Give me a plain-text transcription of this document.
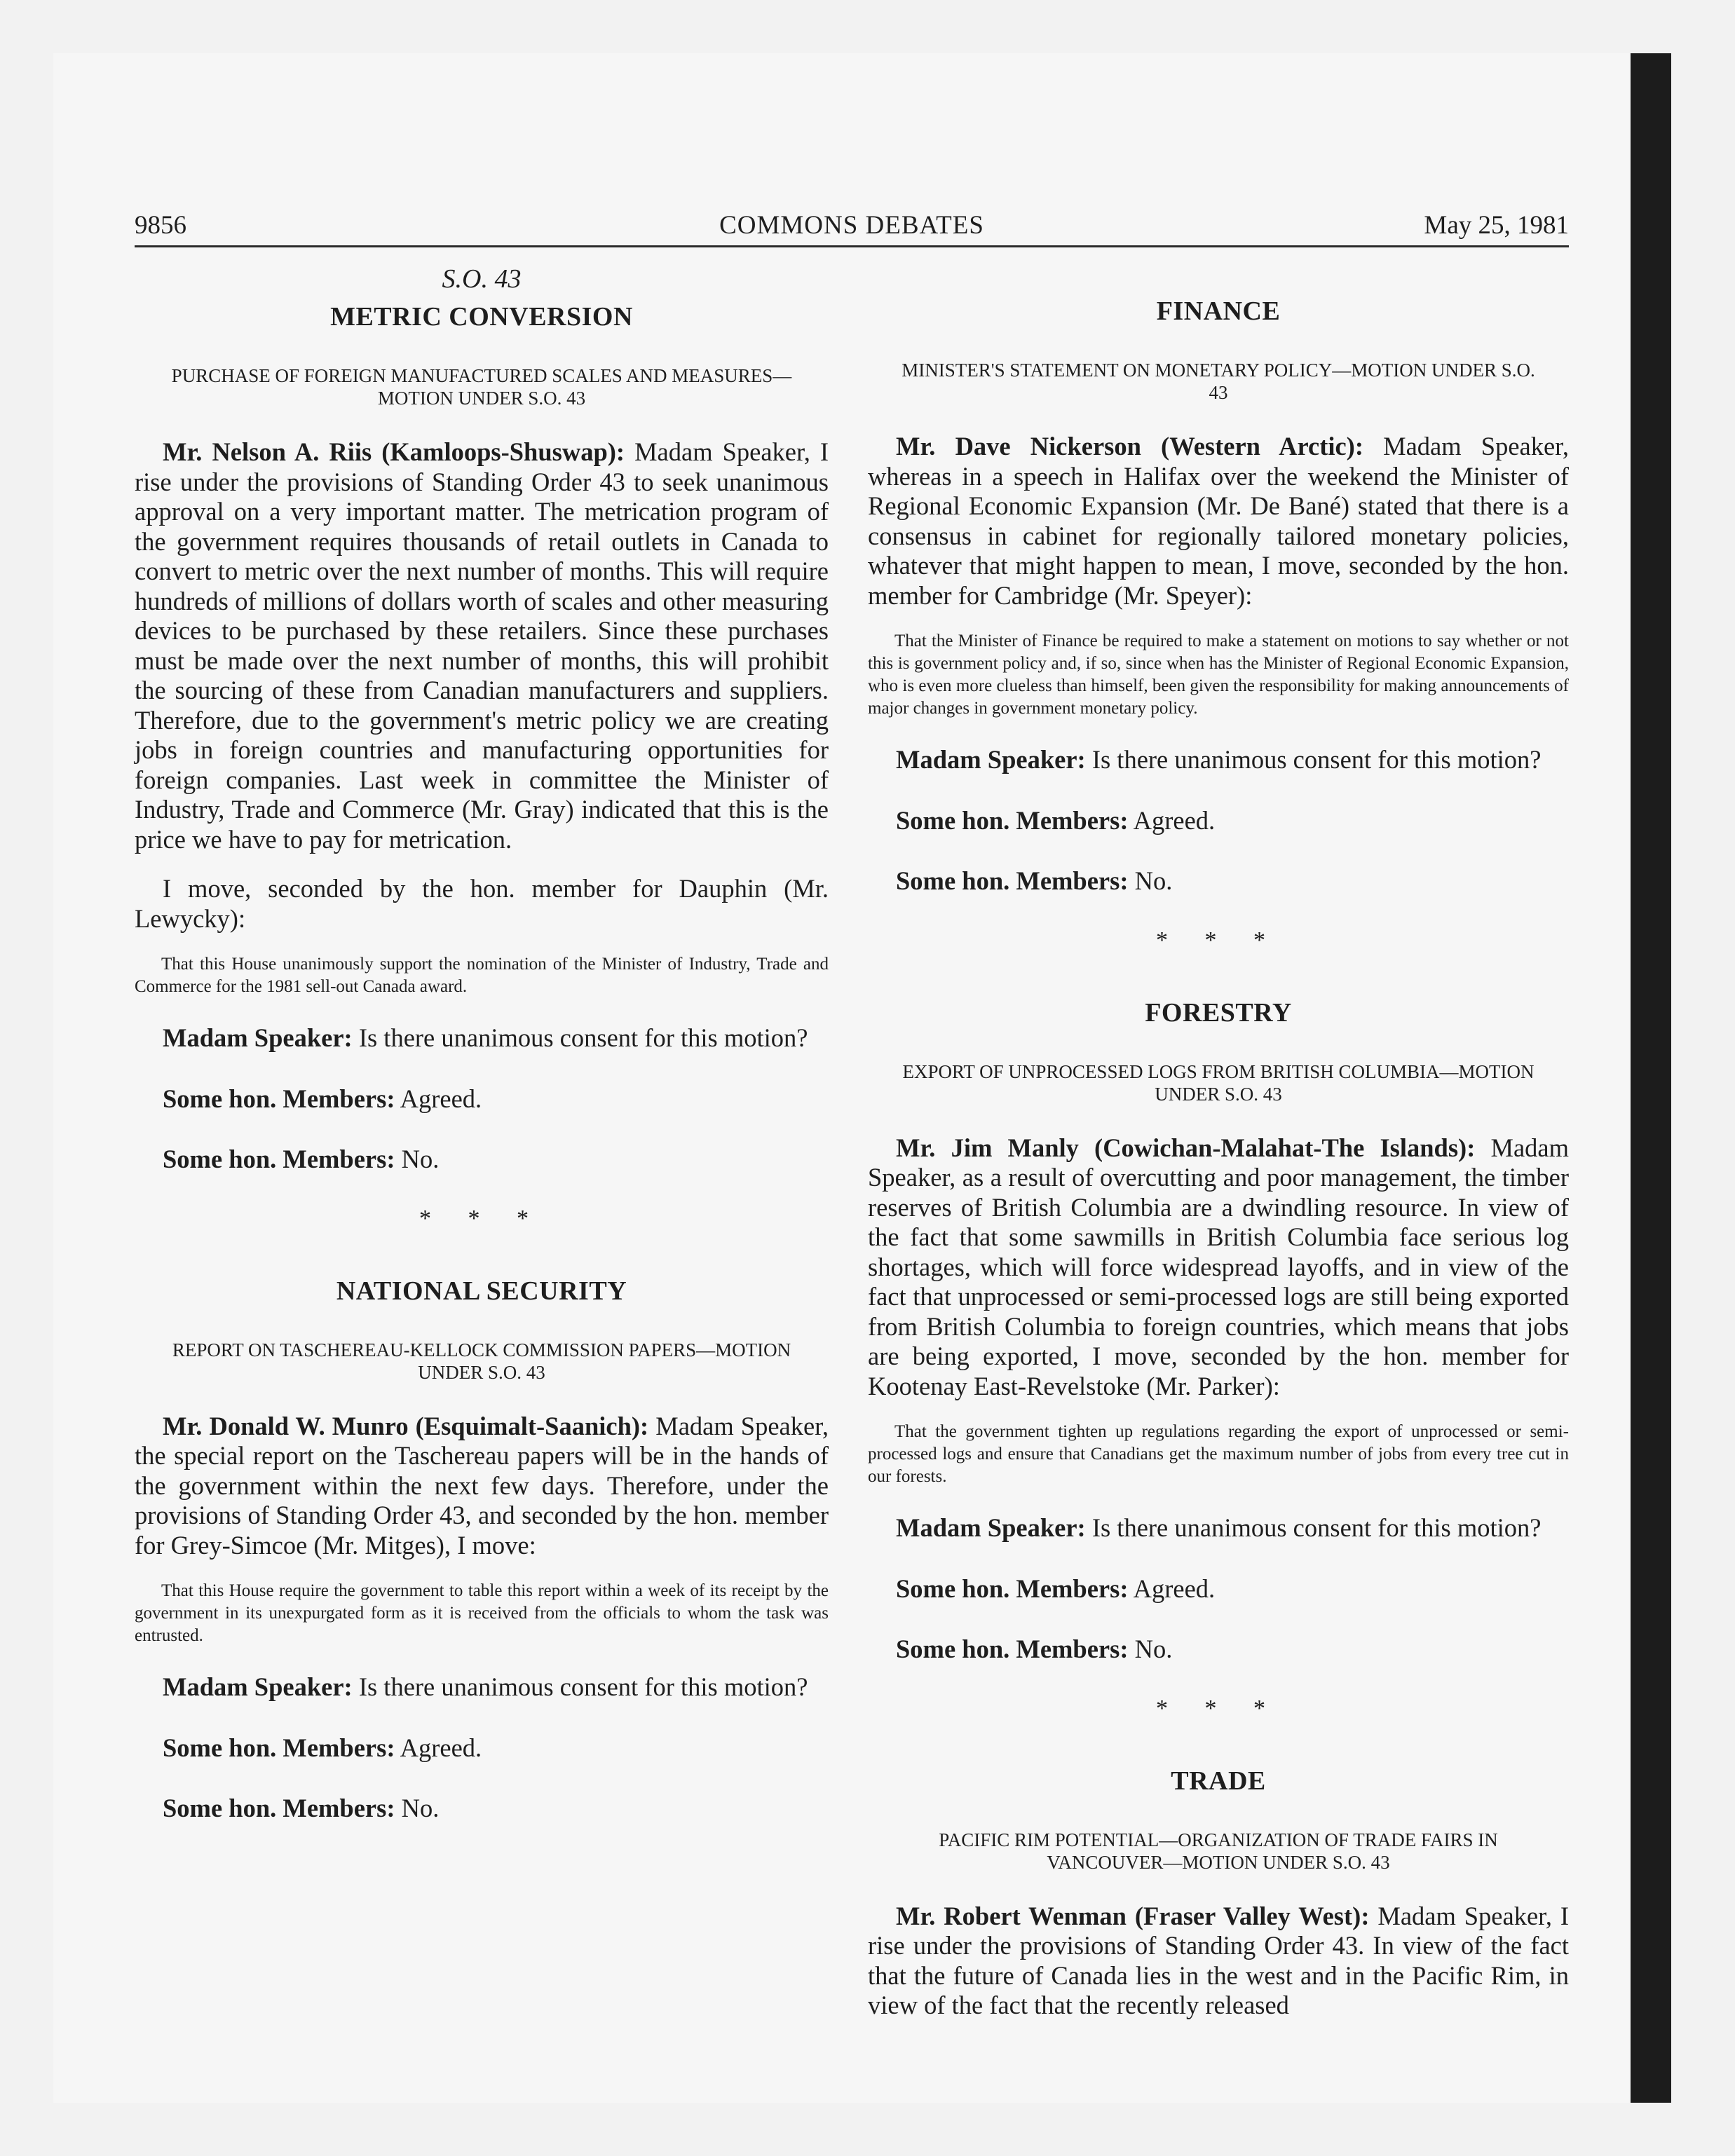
9856	COMMONS DEBATES	May 25, 1981
S.O. 43
METRIC CONVERSION
PURCHASE OF FOREIGN MANUFACTURED SCALES AND MEASURES—MOTION UNDER S.O. 43

Mr. Nelson A. Riis (Kamloops-Shuswap): Madam Speaker, I rise under the provisions of Standing Order 43 to seek unanimous approval on a very important matter. The metrication program of the government requires thousands of retail outlets in Canada to convert to metric over the next number of months. This will require hundreds of millions of dollars worth of scales and other measuring devices to be purchased by these retailers. Since these purchases must be made over the next number of months, this will prohibit the sourcing of these from Canadian manufacturers and suppliers. Therefore, due to the government's metric policy we are creating jobs in foreign countries and manufacturing opportunities for foreign companies. Last week in committee the Minister of Industry, Trade and Commerce (Mr. Gray) indicated that this is the price we have to pay for metrication.

I move, seconded by the hon. member for Dauphin (Mr. Lewycky):

That this House unanimously support the nomination of the Minister of Industry, Trade and Commerce for the 1981 sell-out Canada award.

Madam Speaker: Is there unanimous consent for this motion?

Some hon. Members: Agreed.

Some hon. Members: No.

* * *
NATIONAL SECURITY
REPORT ON TASCHEREAU-KELLOCK COMMISSION PAPERS—MOTION UNDER S.O. 43

Mr. Donald W. Munro (Esquimalt-Saanich): Madam Speaker, the special report on the Taschereau papers will be in the hands of the government within the next few days. Therefore, under the provisions of Standing Order 43, and seconded by the hon. member for Grey-Simcoe (Mr. Mitges), I move:

That this House require the government to table this report within a week of its receipt by the government in its unexpurgated form as it is received from the officials to whom the task was entrusted.

Madam Speaker: Is there unanimous consent for this motion?

Some hon. Members: Agreed.

Some hon. Members: No.

FINANCE
MINISTER'S STATEMENT ON MONETARY POLICY—MOTION UNDER S.O. 43

Mr. Dave Nickerson (Western Arctic): Madam Speaker, whereas in a speech in Halifax over the weekend the Minister of Regional Economic Expansion (Mr. De Bané) stated that there is a consensus in cabinet for regionally tailored monetary policies, whatever that might happen to mean, I move, seconded by the hon. member for Cambridge (Mr. Speyer):

That the Minister of Finance be required to make a statement on motions to say whether or not this is government policy and, if so, since when has the Minister of Regional Economic Expansion, who is even more clueless than himself, been given the responsibility for making announcements of major changes in government monetary policy.

Madam Speaker: Is there unanimous consent for this motion?

Some hon. Members: Agreed.

Some hon. Members: No.

* * *
FORESTRY
EXPORT OF UNPROCESSED LOGS FROM BRITISH COLUMBIA—MOTION UNDER S.O. 43

Mr. Jim Manly (Cowichan-Malahat-The Islands): Madam Speaker, as a result of overcutting and poor management, the timber reserves of British Columbia are a dwindling resource. In view of the fact that some sawmills in British Columbia face serious log shortages, which will force widespread layoffs, and in view of the fact that unprocessed or semi-processed logs are still being exported from British Columbia to foreign countries, which means that jobs are being exported, I move, seconded by the hon. member for Kootenay East-Revelstoke (Mr. Parker):

That the government tighten up regulations regarding the export of unprocessed or semi-processed logs and ensure that Canadians get the maximum number of jobs from every tree cut in our forests.

Madam Speaker: Is there unanimous consent for this motion?

Some hon. Members: Agreed.

Some hon. Members: No.

* * *
TRADE
PACIFIC RIM POTENTIAL—ORGANIZATION OF TRADE FAIRS IN VANCOUVER—MOTION UNDER S.O. 43

Mr. Robert Wenman (Fraser Valley West): Madam Speaker, I rise under the provisions of Standing Order 43. In view of the fact that the future of Canada lies in the west and in the Pacific Rim, in view of the fact that the recently released
